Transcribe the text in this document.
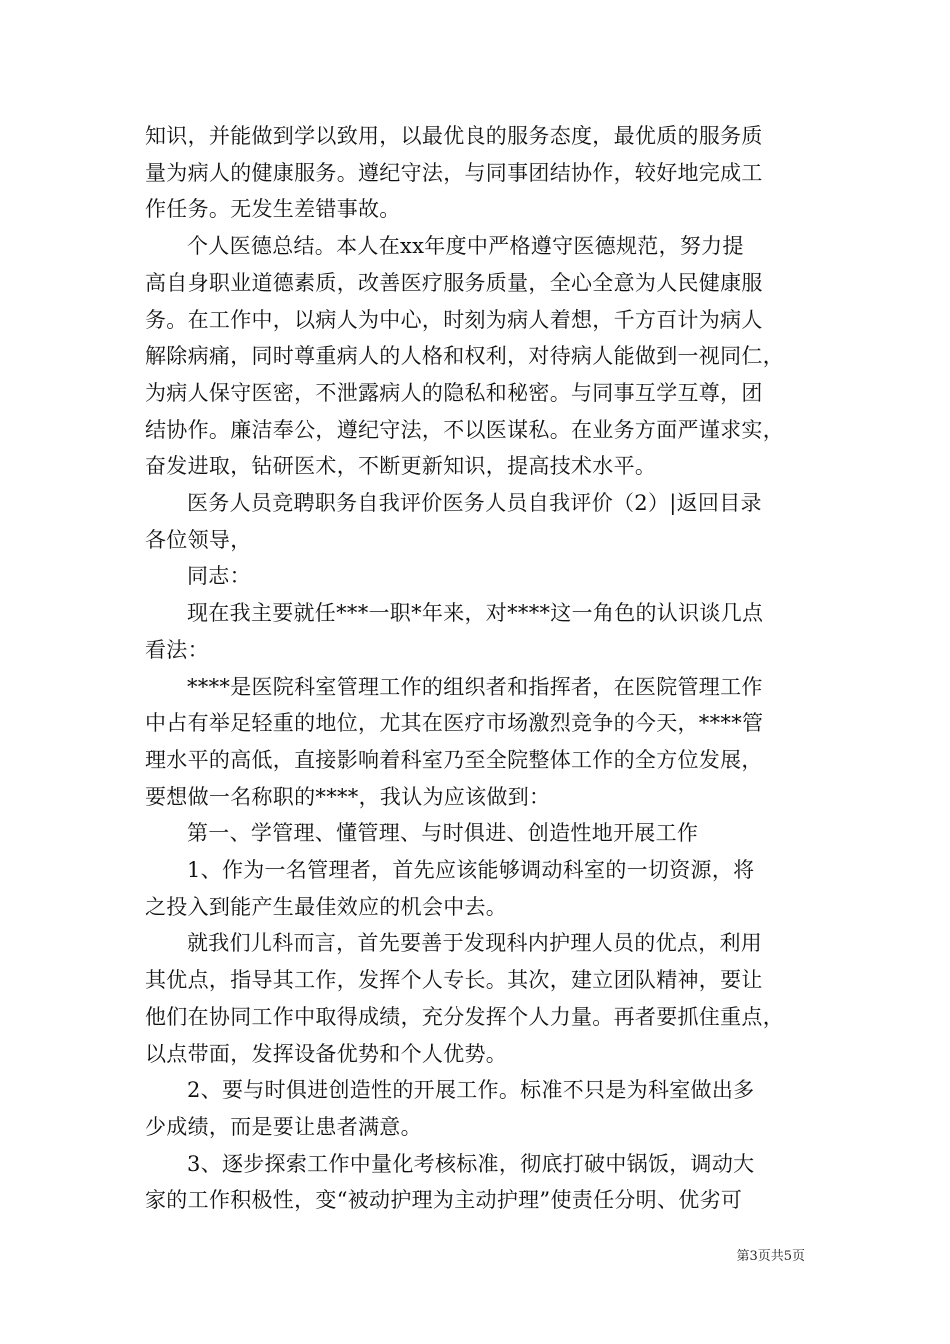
知识，并能做到学以致用，以最优良的服务态度，最优质的服务质
量为病人的健康服务。遵纪守法，与同事团结协作，较好地完成工
作任务。无发生差错事故。

个人医德总结。本人在xx年度中严格遵守医德规范，努力提
高自身职业道德素质，改善医疗服务质量，全心全意为人民健康服
务。在工作中，以病人为中心，时刻为病人着想，千方百计为病人
解除病痛，同时尊重病人的人格和权利，对待病人能做到一视同仁，
为病人保守医密，不泄露病人的隐私和秘密。与同事互学互尊，团
结协作。廉洁奉公，遵纪守法，不以医谋私。在业务方面严谨求实，
奋发进取，钻研医术，不断更新知识，提高技术水平。

医务人员竞聘职务自我评价医务人员自我评价（2）|返回目录
各位领导，

同志：

现在我主要就任***一职*年来，对****这一角色的认识谈几点
看法：

****是医院科室管理工作的组织者和指挥者，在医院管理工作
中占有举足轻重的地位，尤其在医疗市场激烈竞争的今天，****管
理水平的高低，直接影响着科室乃至全院整体工作的全方位发展，
要想做一名称职的****，我认为应该做到：

第一、学管理、懂管理、与时俱进、创造性地开展工作

1、作为一名管理者，首先应该能够调动科室的一切资源，将
之投入到能产生最佳效应的机会中去。

就我们儿科而言，首先要善于发现科内护理人员的优点，利用
其优点，指导其工作，发挥个人专长。其次，建立团队精神，要让
他们在协同工作中取得成绩，充分发挥个人力量。再者要抓住重点，
以点带面，发挥设备优势和个人优势。

2、要与时俱进创造性的开展工作。标准不只是为科室做出多
少成绩，而是要让患者满意。

3、逐步探索工作中量化考核标准，彻底打破中锅饭，调动大
家的工作积极性，变“被动护理为主动护理”使责任分明、优劣可

第3页共5页
